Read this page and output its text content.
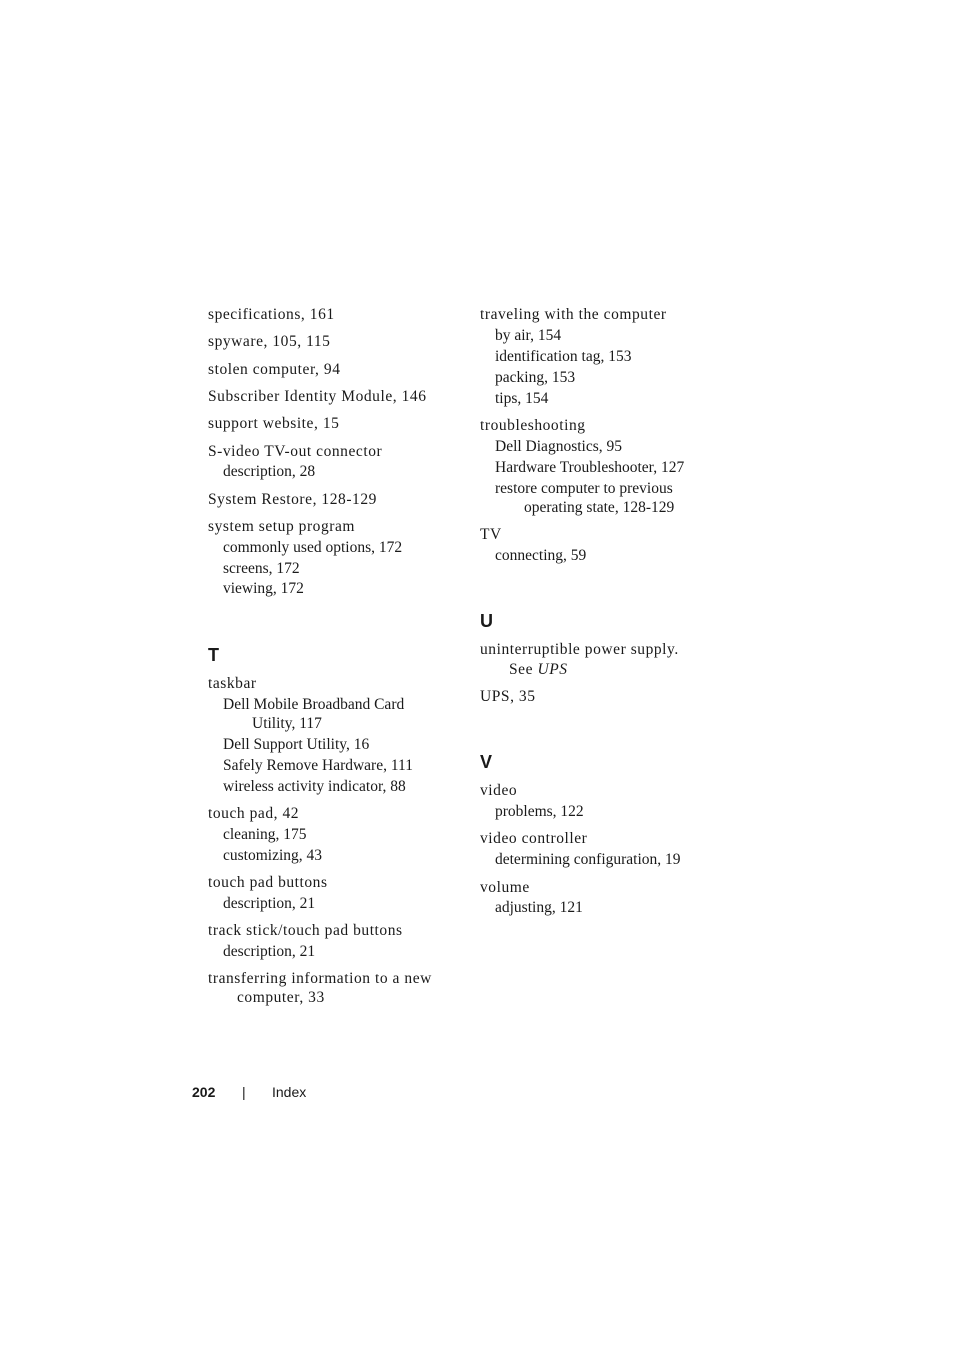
specifications, 161
spyware, 105, 115
stolen computer, 94
Subscriber Identity Module, 146
support website, 15
S-video TV-out connector
description, 28
System Restore, 128-129
system setup program
commonly used options, 172
screens, 172
viewing, 172
T
taskbar
Dell Mobile Broadband Card
Utility, 117
Dell Support Utility, 16
Safely Remove Hardware, 111
wireless activity indicator, 88
touch pad, 42
cleaning, 175
customizing, 43
touch pad buttons
description, 21
track stick/touch pad buttons
description, 21
transferring information to a new
computer, 33
traveling with the computer
by air, 154
identification tag, 153
packing, 153
tips, 154
troubleshooting
Dell Diagnostics, 95
Hardware Troubleshooter, 127
restore computer to previous
operating state, 128-129
TV
connecting, 59
U
uninterruptible power supply.
See UPS
UPS, 35
V
video
problems, 122
video controller
determining configuration, 19
volume
adjusting, 121
202 | Index
